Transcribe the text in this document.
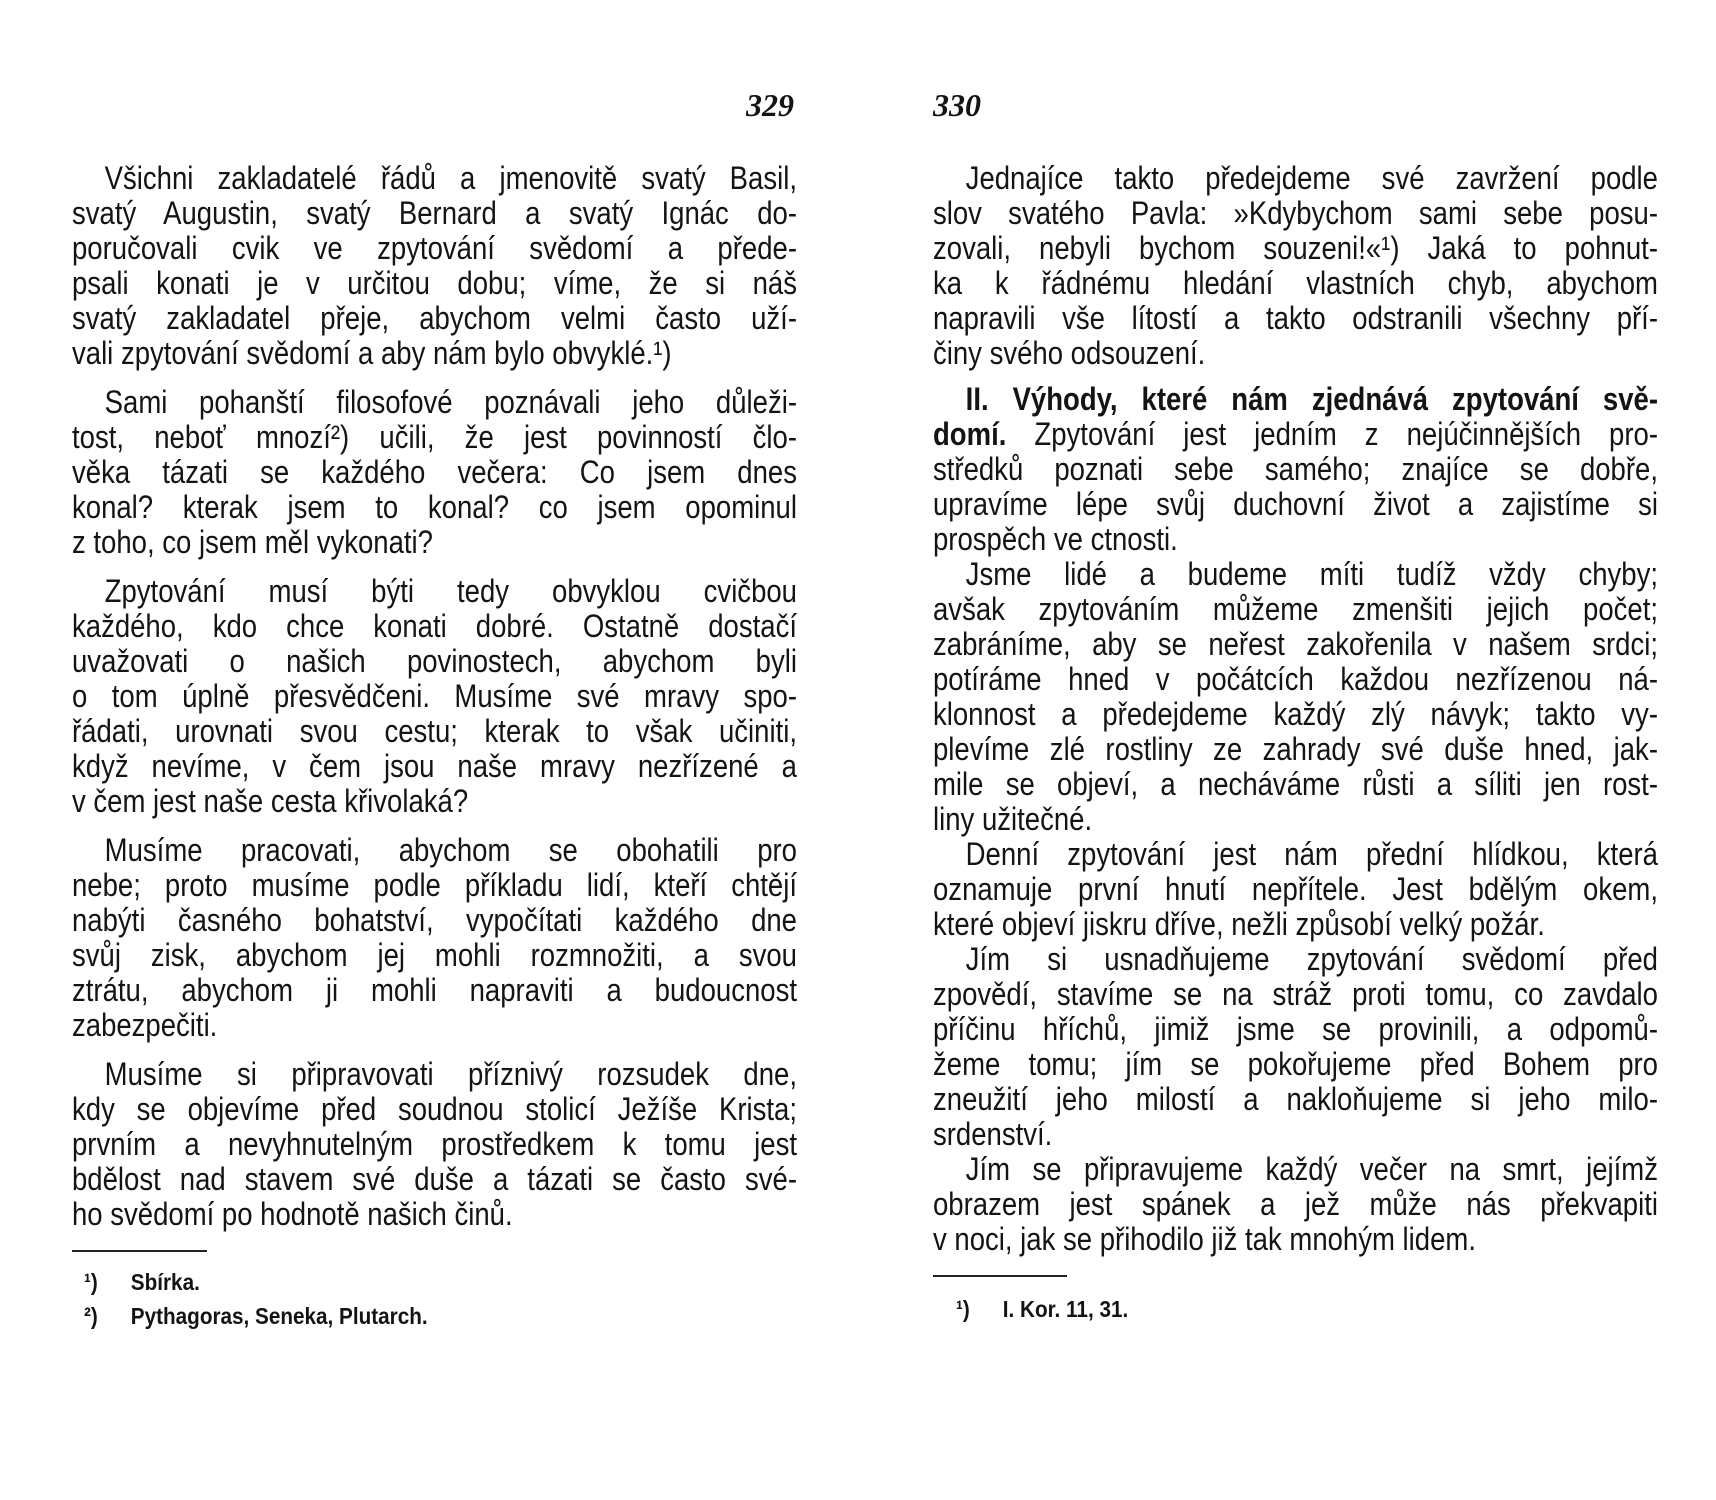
329	330
Všichni zakladatelé řádů a jmenovitě svatý Basil,
svatý Augustin, svatý Bernard a svatý Ignác do-
poručovali cvik ve zpytování svědomí a přede-
psali konati je v určitou dobu; víme, že si náš
svatý zakladatel přeje, abychom velmi často uží-
vali zpytování svědomí a aby nám bylo obvyklé.¹)
Sami pohanští filosofové poznávali jeho důleži-
tost, neboť mnozí²) učili, že jest povinností člo-
věka tázati se každého večera: Co jsem dnes
konal? kterak jsem to konal? co jsem opominul
z toho, co jsem měl vykonati?
Zpytování musí býti tedy obvyklou cvičbou
každého, kdo chce konati dobré. Ostatně dostačí
uvažovati o našich povinostech, abychom byli
o tom úplně přesvědčeni. Musíme své mravy spo-
řádati, urovnati svou cestu; kterak to však učiniti,
když nevíme, v čem jsou naše mravy nezřízené a
v čem jest naše cesta křivolaká?
Musíme pracovati, abychom se obohatili pro
nebe; proto musíme podle příkladu lidí, kteří chtějí
nabýti časného bohatství, vypočítati každého dne
svůj zisk, abychom jej mohli rozmnožiti, a svou
ztrátu, abychom ji mohli napraviti a budoucnost
zabezpečiti.
Musíme si připravovati příznivý rozsudek dne,
kdy se objevíme před soudnou stolicí Ježíše Krista;
prvním a nevyhnutelným prostředkem k tomu jest
bdělost nad stavem své duše a tázati se často své-
ho svědomí po hodnotě našich činů.
Jednajíce takto předejdeme své zavržení podle
slov svatého Pavla: »Kdybychom sami sebe posu-
zovali, nebyli bychom souzeni!«¹) Jaká to pohnut-
ka k řádnému hledání vlastních chyb, abychom
napravili vše lítostí a takto odstranili všechny pří-
činy svého odsouzení.
II. Výhody, které nám zjednává zpytování svě-
domí. Zpytování jest jedním z nejúčinnějších pro-
středků poznati sebe samého; znajíce se dobře,
upravíme lépe svůj duchovní život a zajistíme si
prospěch ve ctnosti.
Jsme lidé a budeme míti tudíž vždy chyby;
avšak zpytováním můžeme zmenšiti jejich počet;
zabráníme, aby se neřest zakořenila v našem srdci;
potíráme hned v počátcích každou nezřízenou ná-
klonnost a předejdeme každý zlý návyk; takto vy-
plevíme zlé rostliny ze zahrady své duše hned, jak-
mile se objeví, a necháváme růsti a síliti jen rost-
liny užitečné.
Denní zpytování jest nám přední hlídkou, která
oznamuje první hnutí nepřítele. Jest bdělým okem,
které objeví jiskru dříve, nežli způsobí velký požár.
Jím si usnadňujeme zpytování svědomí před
zpovědí, stavíme se na stráž proti tomu, co zavdalo
příčinu hříchů, jimiž jsme se provinili, a odpomů-
žeme tomu; jím se pokořujeme před Bohem pro
zneužití jeho milostí a nakloňujeme si jeho milo-
srdenství.
Jím se připravujeme každý večer na smrt, jejímž
obrazem jest spánek a jež může nás překvapiti
v noci, jak se přihodilo již tak mnohým lidem.
¹) Sbírka.
²) Pythagoras, Seneka, Plutarch.	¹) I. Kor. 11, 31.
